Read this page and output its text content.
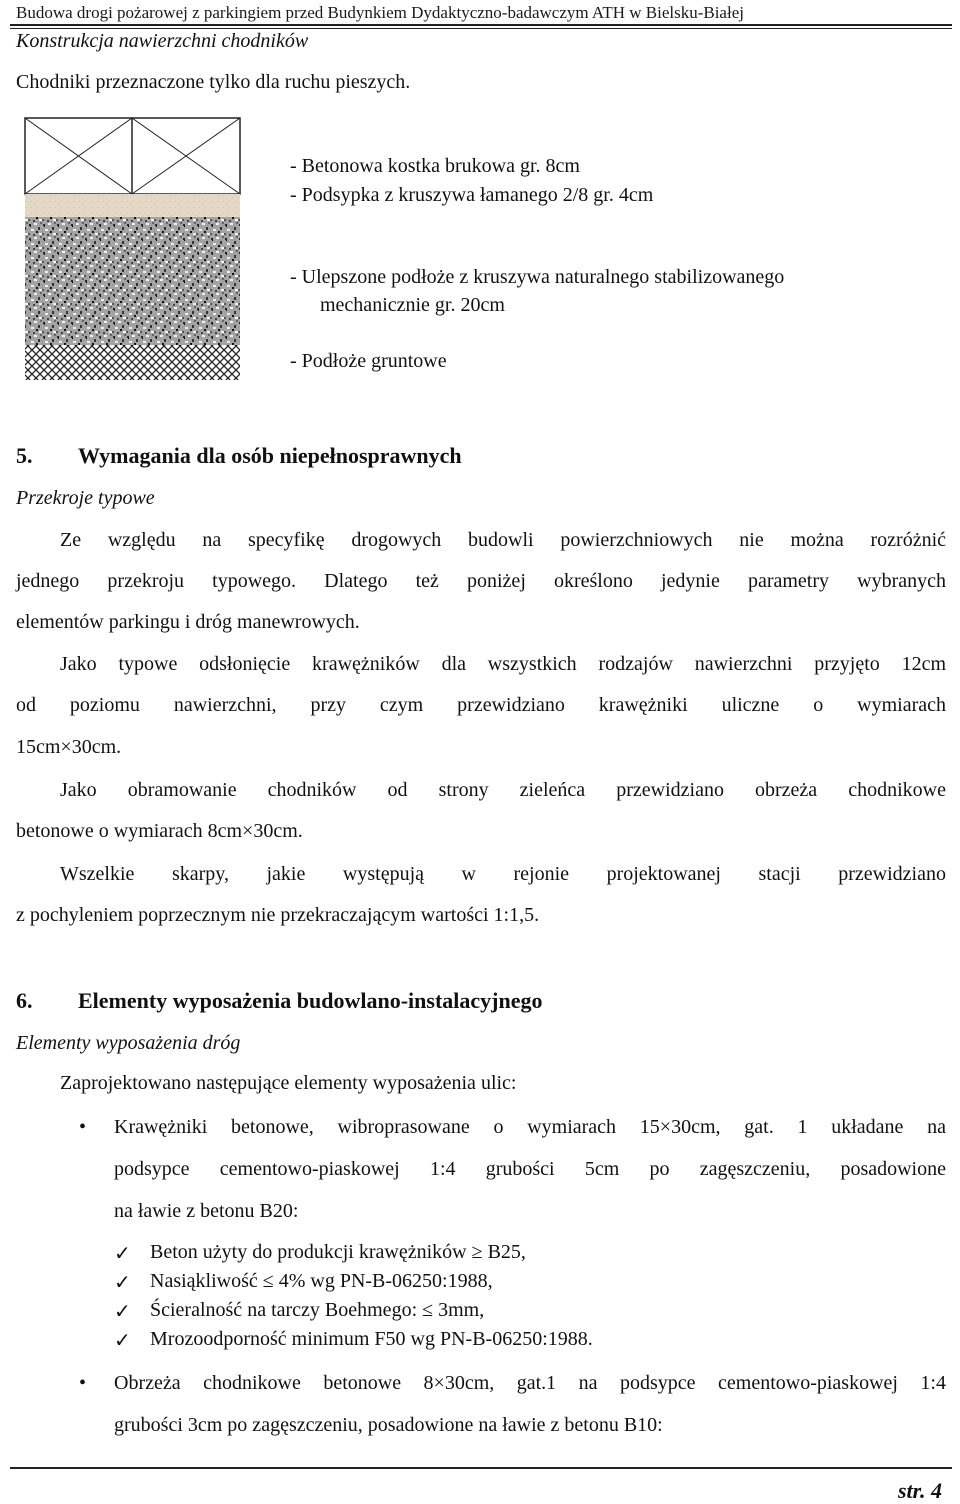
Budowa drogi pożarowej z parkingiem przed Budynkiem Dydaktyczno-badawczym ATH w Bielsku-Białej
Konstrukcja nawierzchni chodników
Chodniki przeznaczone tylko dla ruchu pieszych.
- Betonowa kostka brukowa gr. 8cm
- Podsypka z kruszywa łamanego 2/8 gr. 4cm
- Ulepszone podłoże z kruszywa naturalnego stabilizowanego
mechanicznie gr. 20cm
- Podłoże gruntowe
5. Wymagania dla osób niepełnosprawnych
Przekroje typowe
Ze względu na specyfikę drogowych budowli powierzchniowych nie można rozróżnić
jednego przekroju typowego. Dlatego też poniżej określono jedynie parametry wybranych
elementów parkingu i dróg manewrowych.
Jako typowe odsłonięcie krawężników dla wszystkich rodzajów nawierzchni przyjęto 12cm
od poziomu nawierzchni, przy czym przewidziano krawężniki uliczne o wymiarach
15cm×30cm.
Jako obramowanie chodników od strony zieleńca przewidziano obrzeża chodnikowe
betonowe o wymiarach 8cm×30cm.
Wszelkie skarpy, jakie występują w rejonie projektowanej stacji przewidziano
z pochyleniem poprzecznym nie przekraczającym wartości 1:1,5.
6. Elementy wyposażenia budowlano-instalacyjnego
Elementy wyposażenia dróg
Zaprojektowano następujące elementy wyposażenia ulic:
• Krawężniki betonowe, wibroprasowane o wymiarach 15×30cm, gat. 1 układane na
podsypce cementowo-piaskowej 1:4 grubości 5cm po zagęszczeniu, posadowione
na ławie z betonu B20:
✓ Beton użyty do produkcji krawężników ≥ B25,
✓ Nasiąkliwość ≤ 4% wg PN-B-06250:1988,
✓ Ścieralność na tarczy Boehmego: ≤ 3mm,
✓ Mrozoodporność minimum F50 wg PN-B-06250:1988.
• Obrzeża chodnikowe betonowe 8×30cm, gat.1 na podsypce cementowo-piaskowej 1:4
grubości 3cm po zagęszczeniu, posadowione na ławie z betonu B10:
str. 4
